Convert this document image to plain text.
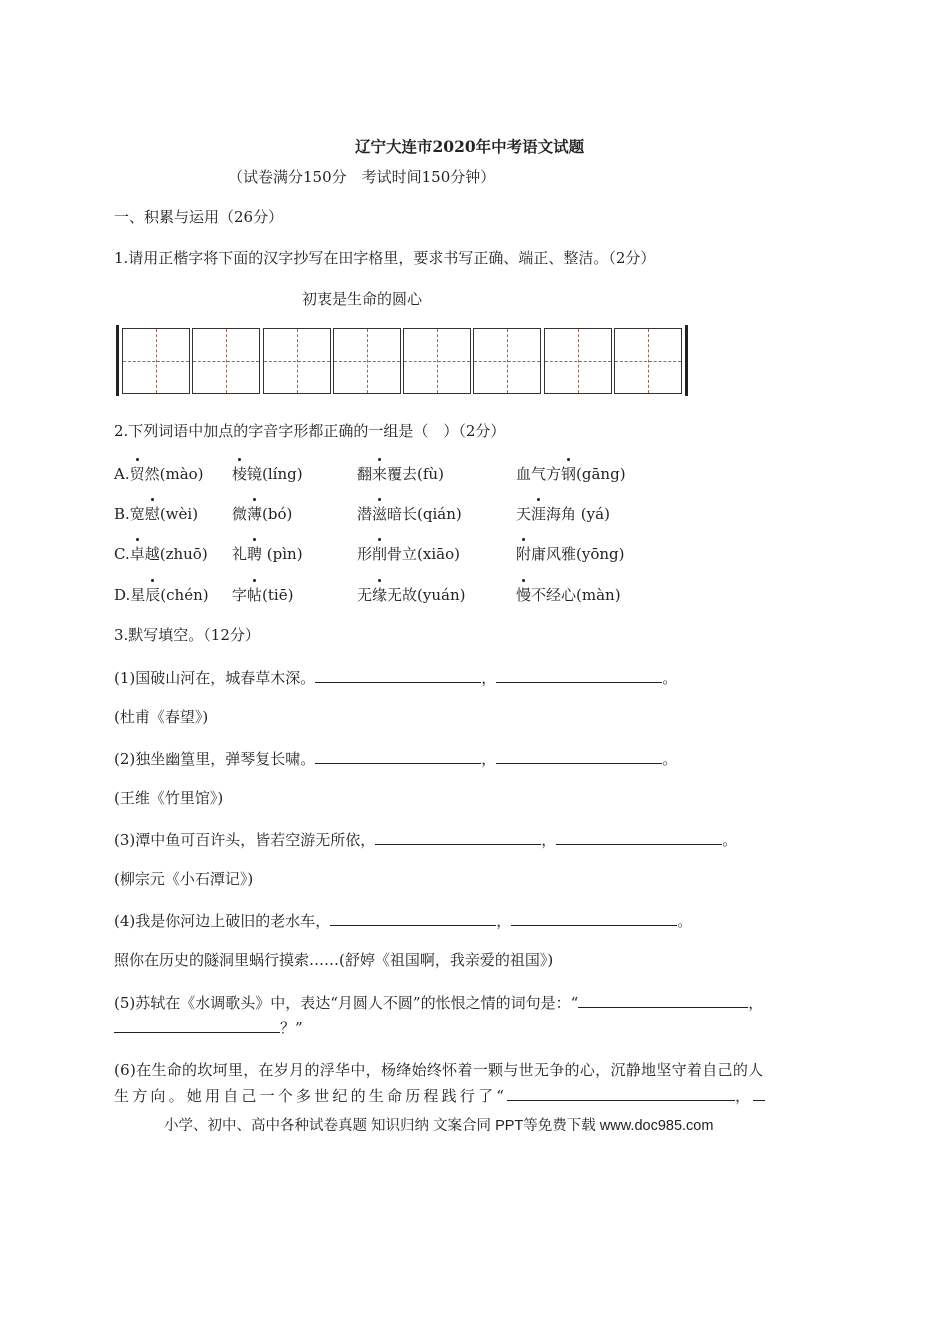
辽宁大连市2020年中考语文试题
（试卷满分150分　考试时间150分钟）
一、积累与运用（26分）
1.请用正楷字将下面的汉字抄写在田字格里，要求书写正确、端正、整洁。（2分）
初衷是生命的圆心
2.下列词语中加点的字音字形都正确的一组是（　）（2分）
A.贸然(mào) 棱镜(líng)	翻来覆去(fù)	血气方钢(gāng)
B.宽慰(wèi) 微薄(bó)	潜滋暗长(qián)	天涯海角 (yá)
C.卓越(zhuō) 礼聘 (pìn)	形削骨立(xiāo)	附庸风雅(yōng)
D.星辰(chén) 字帖(tiē)	无缘无故(yuán)	慢不经心(màn)
3.默写填空。（12分）
(1)国破山河在，城春草木深。	，	。
(杜甫《春望》)
(2)独坐幽篁里，弹琴复长啸。	，	。
(王维《竹里馆》)
(3)潭中鱼可百许头，皆若空游无所依，	，	。
(柳宗元《小石潭记》)
(4)我是你河边上破旧的老水车，	，	。
照你在历史的隧洞里蜗行摸索……(舒婷《祖国啊，我亲爱的祖国》)
(5)苏轼在《水调歌头》中，表达“月圆人不圆”的怅恨之情的词句是：“	，
？”
(6)在生命的坎坷里，在岁月的浮华中，杨绛始终怀着一颗与世无争的心，沉静地坚守着自己的人
生方向。她用自己一个多世纪的生命历程践行了“	，
小学、初中、高中各种试卷真题 知识归纳 文案合同 PPT等免费下载 www.doc985.com
